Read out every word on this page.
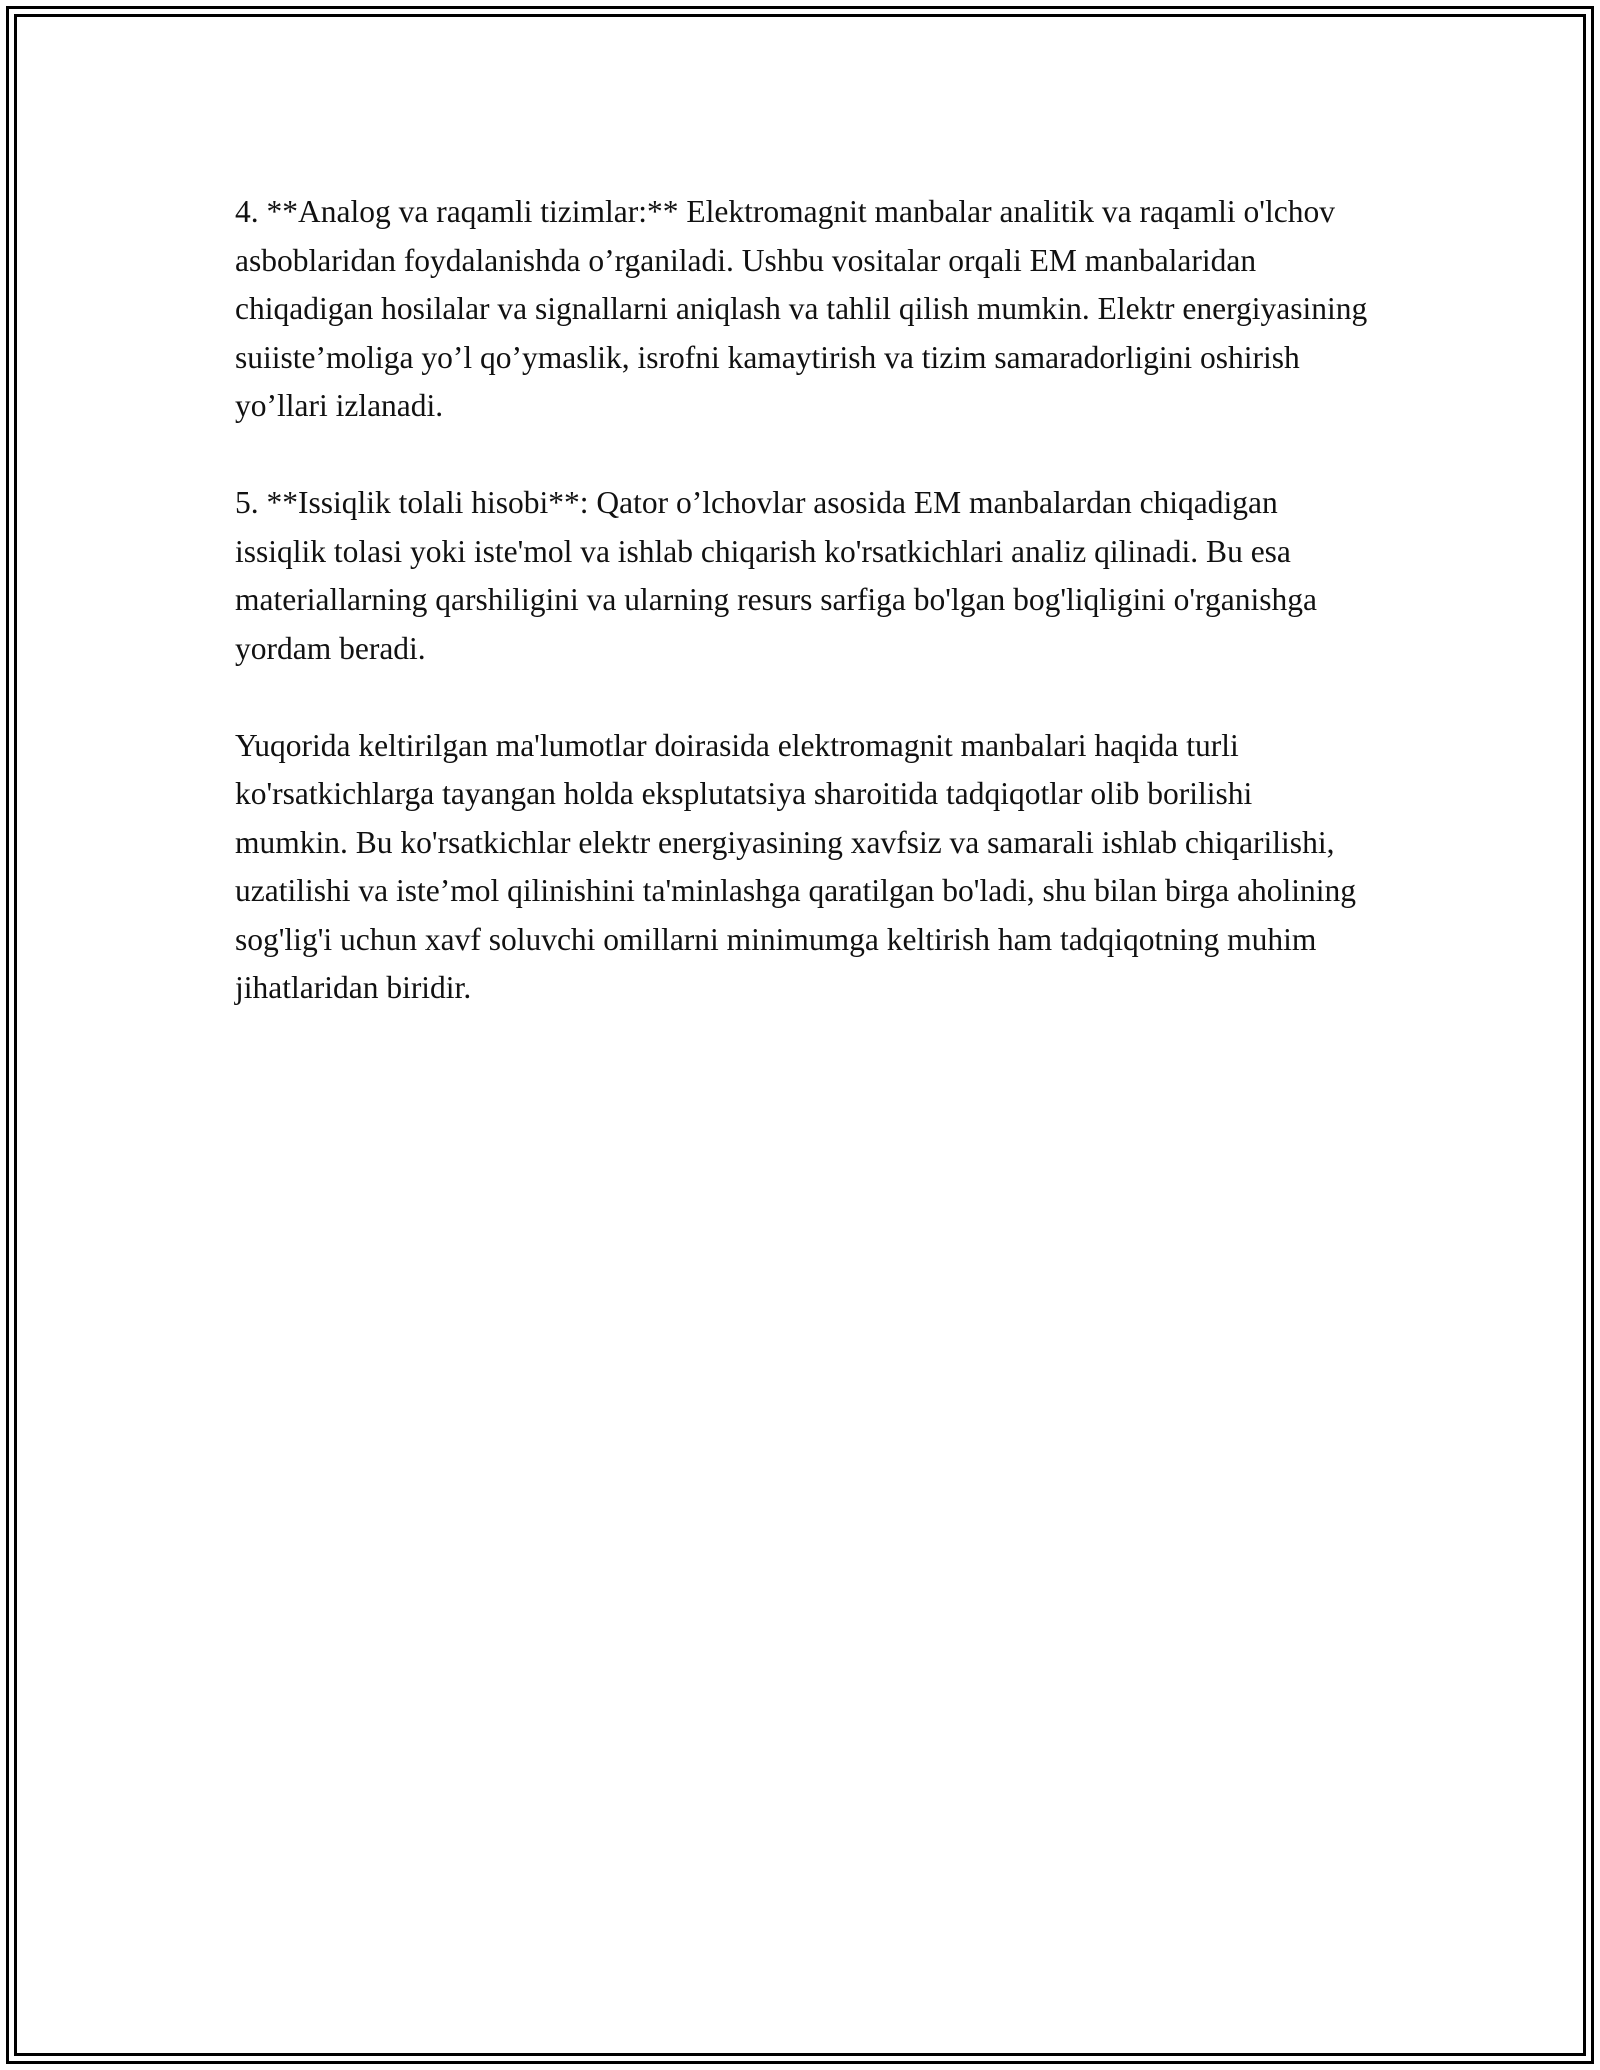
4. **Analog va raqamli tizimlar:** Elektromagnit manbalar analitik va raqamli o'lchov asboblaridan foydalanishda o’rganiladi. Ushbu vositalar orqali EM manbalaridan chiqadigan hosilalar va signallarni aniqlash va tahlil qilish mumkin. Elektr energiyasining suiiste’moliga yo’l qo’ymaslik, isrofni kamaytirish va tizim samaradorligini oshirish yo’llari izlanadi.

5. **Issiqlik tolali hisobi**: Qator o’lchovlar asosida EM manbalardan chiqadigan issiqlik tolasi yoki iste'mol va ishlab chiqarish ko'rsatkichlari analiz qilinadi. Bu esa materiallarning qarshiligini va ularning resurs sarfiga bo'lgan bog'liqligini o'rganishga yordam beradi.

Yuqorida keltirilgan ma'lumotlar doirasida elektromagnit manbalari haqida turli ko'rsatkichlarga tayangan holda eksplutatsiya sharoitida tadqiqotlar olib borilishi mumkin. Bu ko'rsatkichlar elektr energiyasining xavfsiz va samarali ishlab chiqarilishi, uzatilishi va iste’mol qilinishini ta'minlashga qaratilgan bo'ladi, shu bilan birga aholining sog'lig'i uchun xavf soluvchi omillarni minimumga keltirish ham tadqiqotning muhim jihatlaridan biridir.
